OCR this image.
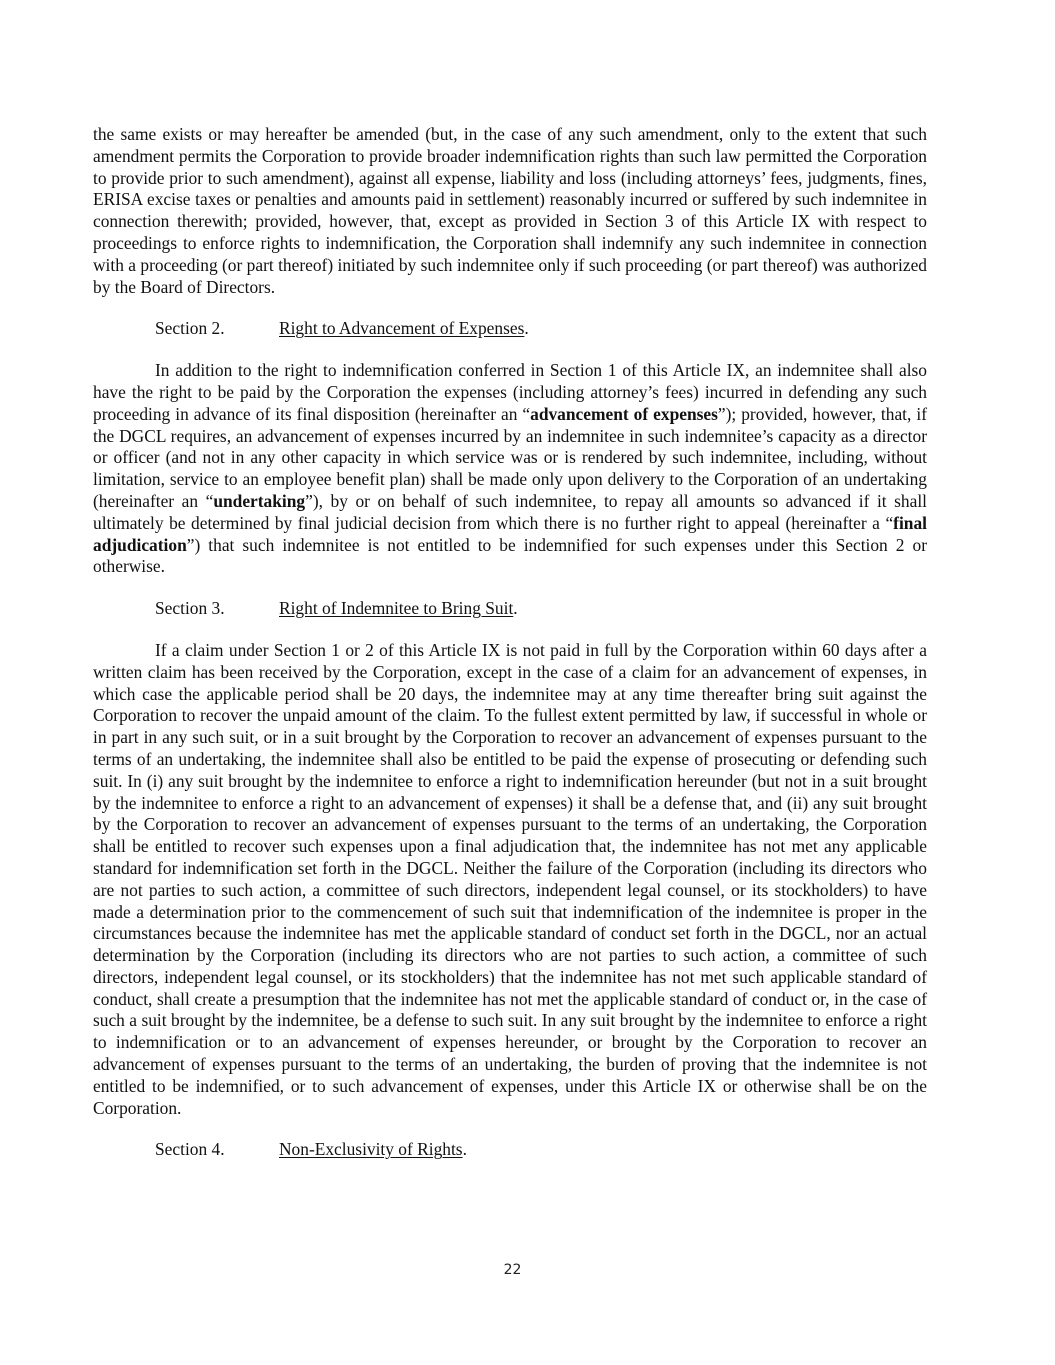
the same exists or may hereafter be amended (but, in the case of any such amendment, only to the extent that such amendment permits the Corporation to provide broader indemnification rights than such law permitted the Corporation to provide prior to such amendment), against all expense, liability and loss (including attorneys’ fees, judgments, fines, ERISA excise taxes or penalties and amounts paid in settlement) reasonably incurred or suffered by such indemnitee in connection therewith; provided, however, that, except as provided in Section 3 of this Article IX with respect to proceedings to enforce rights to indemnification, the Corporation shall indemnify any such indemnitee in connection with a proceeding (or part thereof) initiated by such indemnitee only if such proceeding (or part thereof) was authorized by the Board of Directors.

Section 2.	Right to Advancement of Expenses.

In addition to the right to indemnification conferred in Section 1 of this Article IX, an indemnitee shall also have the right to be paid by the Corporation the expenses (including attorney’s fees) incurred in defending any such proceeding in advance of its final disposition (hereinafter an “advancement of expenses”); provided, however, that, if the DGCL requires, an advancement of expenses incurred by an indemnitee in such indemnitee’s capacity as a director or officer (and not in any other capacity in which service was or is rendered by such indemnitee, including, without limitation, service to an employee benefit plan) shall be made only upon delivery to the Corporation of an undertaking (hereinafter an “undertaking”), by or on behalf of such indemnitee, to repay all amounts so advanced if it shall ultimately be determined by final judicial decision from which there is no further right to appeal (hereinafter a “final adjudication”) that such indemnitee is not entitled to be indemnified for such expenses under this Section 2 or otherwise.

Section 3.	Right of Indemnitee to Bring Suit.

If a claim under Section 1 or 2 of this Article IX is not paid in full by the Corporation within 60 days after a written claim has been received by the Corporation, except in the case of a claim for an advancement of expenses, in which case the applicable period shall be 20 days, the indemnitee may at any time thereafter bring suit against the Corporation to recover the unpaid amount of the claim. To the fullest extent permitted by law, if successful in whole or in part in any such suit, or in a suit brought by the Corporation to recover an advancement of expenses pursuant to the terms of an undertaking, the indemnitee shall also be entitled to be paid the expense of prosecuting or defending such suit. In (i) any suit brought by the indemnitee to enforce a right to indemnification hereunder (but not in a suit brought by the indemnitee to enforce a right to an advancement of expenses) it shall be a defense that, and (ii) any suit brought by the Corporation to recover an advancement of expenses pursuant to the terms of an undertaking, the Corporation shall be entitled to recover such expenses upon a final adjudication that, the indemnitee has not met any applicable standard for indemnification set forth in the DGCL. Neither the failure of the Corporation (including its directors who are not parties to such action, a committee of such directors, independent legal counsel, or its stockholders) to have made a determination prior to the commencement of such suit that indemnification of the indemnitee is proper in the circumstances because the indemnitee has met the applicable standard of conduct set forth in the DGCL, nor an actual determination by the Corporation (including its directors who are not parties to such action, a committee of such directors, independent legal counsel, or its stockholders) that the indemnitee has not met such applicable standard of conduct, shall create a presumption that the indemnitee has not met the applicable standard of conduct or, in the case of such a suit brought by the indemnitee, be a defense to such suit. In any suit brought by the indemnitee to enforce a right to indemnification or to an advancement of expenses hereunder, or brought by the Corporation to recover an advancement of expenses pursuant to the terms of an undertaking, the burden of proving that the indemnitee is not entitled to be indemnified, or to such advancement of expenses, under this Article IX or otherwise shall be on the Corporation.

Section 4.	Non-Exclusivity of Rights.
22
